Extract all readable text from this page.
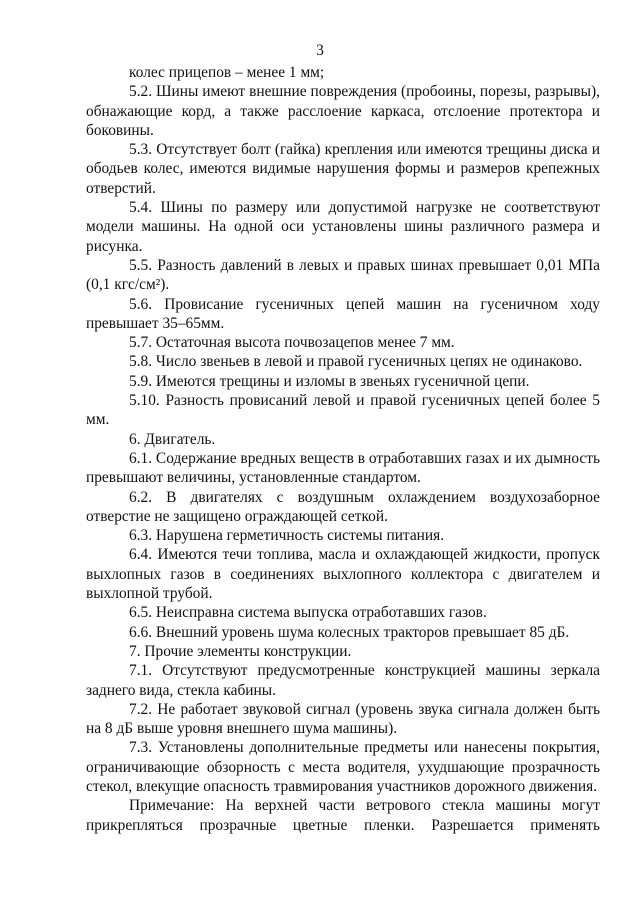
3

колес прицепов – менее 1 мм;

5.2. Шины имеют внешние повреждения (пробоины, порезы, разрывы), обнажающие корд, а также расслоение каркаса, отслоение протектора и боковины.

5.3. Отсутствует болт (гайка) крепления или имеются трещины диска и ободьев колес, имеются видимые нарушения формы и размеров крепежных отверстий.

5.4. Шины по размеру или допустимой нагрузке не соответствуют модели машины. На одной оси установлены шины различного размера и рисунка.

5.5. Разность давлений в левых и правых шинах превышает 0,01 МПа (0,1 кгс/см²).

5.6. Провисание гусеничных цепей машин на гусеничном ходу превышает 35–65мм.

5.7. Остаточная высота почвозацепов менее 7 мм.

5.8. Число звеньев в левой и правой гусеничных цепях не одинаково.

5.9. Имеются трещины и изломы в звеньях гусеничной цепи.

5.10. Разность провисаний левой и правой гусеничных цепей более 5 мм.

6. Двигатель.

6.1. Содержание вредных веществ в отработавших газах и их дымность превышают величины, установленные стандартом.

6.2. В двигателях с воздушным охлаждением воздухозаборное отверстие не защищено ограждающей сеткой.

6.3. Нарушена герметичность системы питания.

6.4. Имеются течи топлива, масла и охлаждающей жидкости, пропуск выхлопных газов в соединениях выхлопного коллектора с двигателем и выхлопной трубой.

6.5. Неисправна система выпуска отработавших газов.

6.6. Внешний уровень шума колесных тракторов превышает 85 дБ.

7. Прочие элементы конструкции.

7.1. Отсутствуют предусмотренные конструкцией машины зеркала заднего вида, стекла кабины.

7.2. Не работает звуковой сигнал (уровень звука сигнала должен быть на 8 дБ выше уровня внешнего шума машины).

7.3. Установлены дополнительные предметы или нанесены покрытия, ограничивающие обзорность с места водителя, ухудшающие прозрачность стекол, влекущие опасность травмирования участников дорожного движения.

Примечание: На верхней части ветрового стекла машины могут прикрепляться прозрачные цветные пленки. Разрешается применять
